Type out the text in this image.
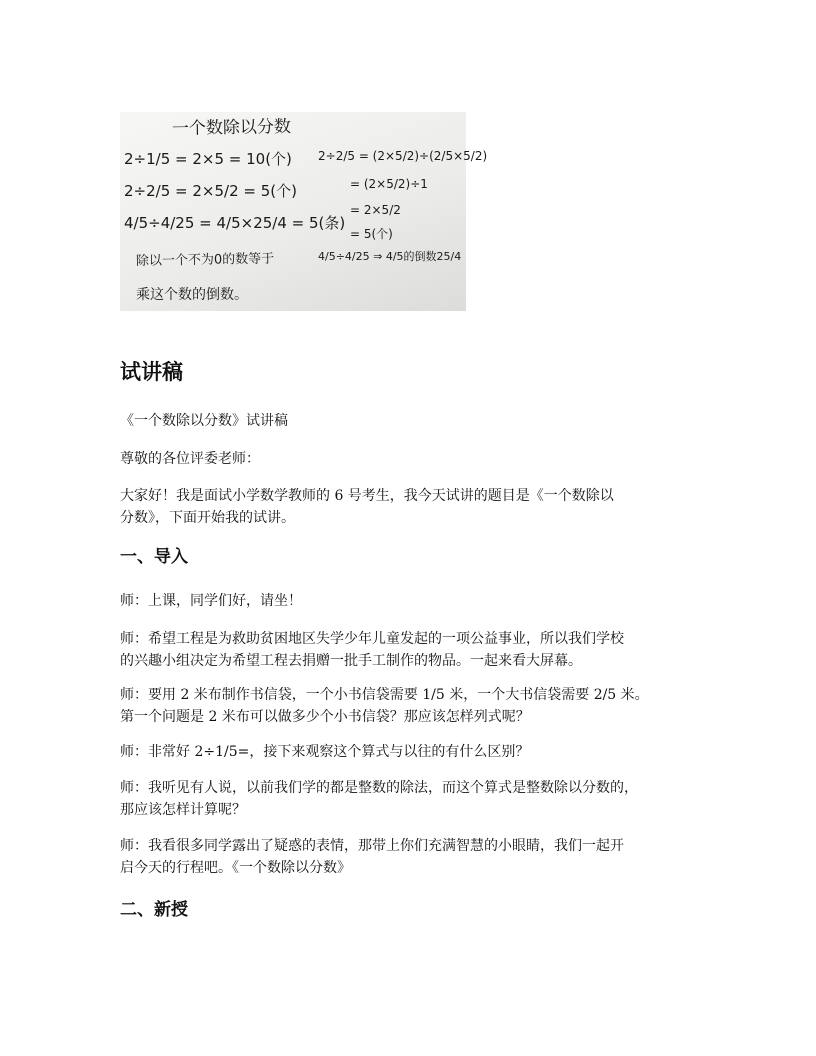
一个数除以分数
2÷1/5 = 2×5 = 10(个)
2÷2/5 = 2×5/2 = 5(个)
4/5÷4/25 = 4/5×25/4 = 5(条)
除以一个不为0的数等于
乘这个数的倒数。
2÷2/5 = (2×5/2)÷(2/5×5/2)
= (2×5/2)÷1
= 2×5/2
= 5(个)
4/5÷4/25 ⇒ 4/5的倒数25/4
试讲稿

《一个数除以分数》试讲稿

尊敬的各位评委老师：

大家好！我是面试小学数学教师的 6 号考生，我今天试讲的题目是《一个数除以

分数》，下面开始我的试讲。

一、导入

师：上课，同学们好，请坐！

师：希望工程是为救助贫困地区失学少年儿童发起的一项公益事业，所以我们学校

的兴趣小组决定为希望工程去捐赠一批手工制作的物品。一起来看大屏幕。

师：要用 2 米布制作书信袋，一个小书信袋需要 1/5 米，一个大书信袋需要 2/5 米。

第一个问题是 2 米布可以做多少个小书信袋？那应该怎样列式呢？

师：非常好 2÷1/5=，接下来观察这个算式与以往的有什么区别？

师：我听见有人说，以前我们学的都是整数的除法，而这个算式是整数除以分数的，

那应该怎样计算呢？

师：我看很多同学露出了疑惑的表情，那带上你们充满智慧的小眼睛，我们一起开

启今天的行程吧。《一个数除以分数》

二、新授
